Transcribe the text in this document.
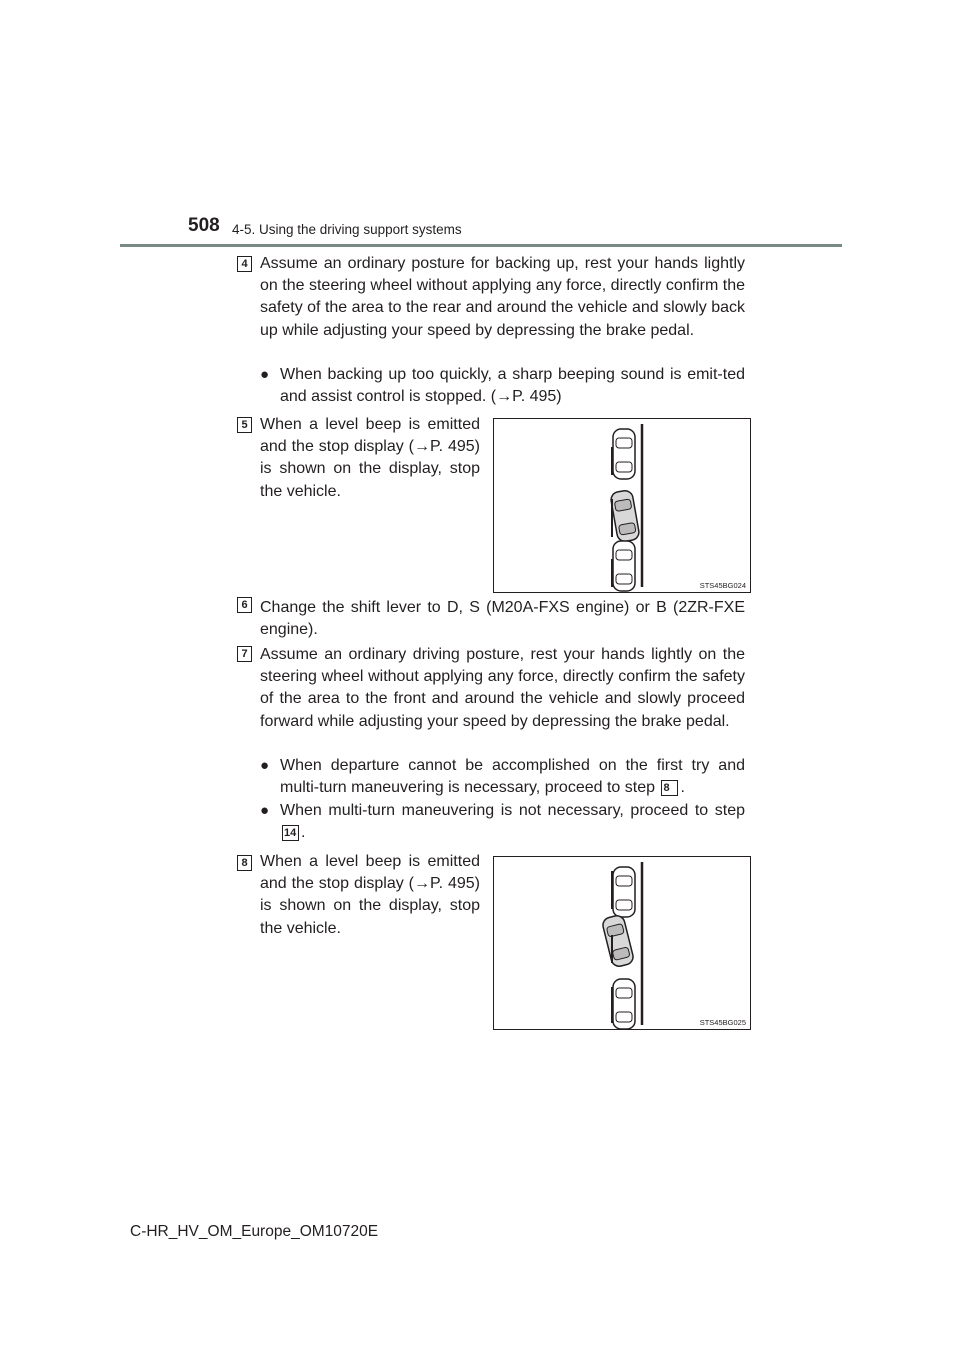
508 4-5. Using the driving support systems
4 Assume an ordinary posture for backing up, rest your hands lightly on the steering wheel without applying any force, directly confirm the safety of the area to the rear and around the vehicle and slowly back up while adjusting your speed by depressing the brake pedal.
● When backing up too quickly, a sharp beeping sound is emit-ted and assist control is stopped. (→P. 495)
5 When a level beep is emitted and the stop display (→P. 495) is shown on the display, stop the vehicle.
STS45BG024
6 Change the shift lever to D, S (M20A-FXS engine) or B (2ZR-FXE engine).
7 Assume an ordinary driving posture, rest your hands lightly on the steering wheel without applying any force, directly confirm the safety of the area to the front and around the vehicle and slowly proceed forward while adjusting your speed by depressing the brake pedal.
● When departure cannot be accomplished on the first try and multi-turn maneuvering is necessary, proceed to step 8 .
● When multi-turn maneuvering is not necessary, proceed to step 14 .
8 When a level beep is emitted and the stop display (→P. 495) is shown on the display, stop the vehicle.
STS45BG025
C-HR_HV_OM_Europe_OM10720E
